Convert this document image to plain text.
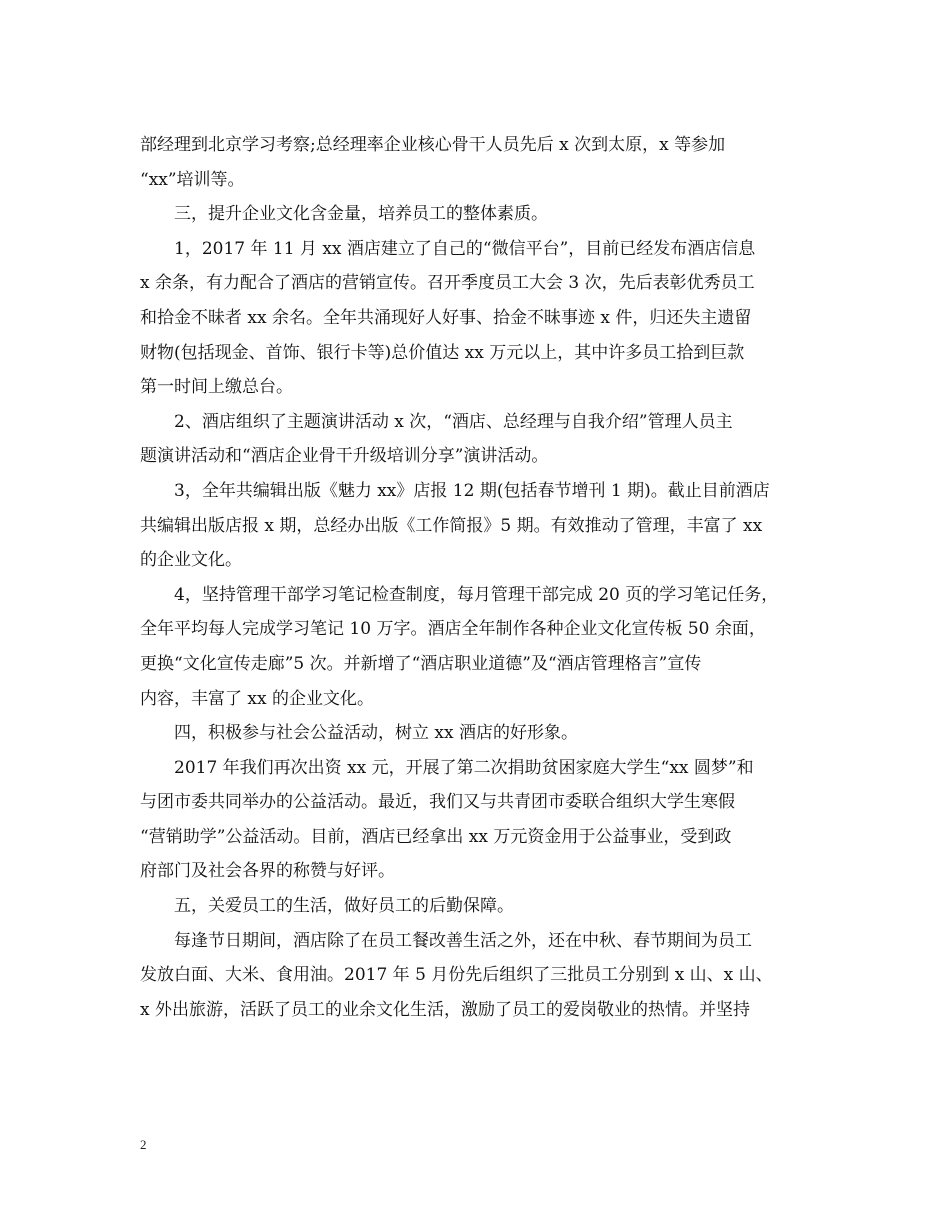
部经理到北京学习考察;总经理率企业核心骨干人员先后 x 次到太原，x 等参加
“xx”培训等。
三，提升企业文化含金量，培养员工的整体素质。
1，2017 年 11 月 xx 酒店建立了自己的“微信平台”，目前已经发布酒店信息
x 余条，有力配合了酒店的营销宣传。召开季度员工大会 3 次，先后表彰优秀员工
和拾金不昧者 xx 余名。全年共涌现好人好事、拾金不昧事迹 x 件，归还失主遗留
财物(包括现金、首饰、银行卡等)总价值达 xx 万元以上，其中许多员工拾到巨款
第一时间上缴总台。
2、酒店组织了主题演讲活动 x 次，“酒店、总经理与自我介绍”管理人员主
题演讲活动和“酒店企业骨干升级培训分享”演讲活动。
3，全年共编辑出版《魅力 xx》店报 12 期(包括春节增刊 1 期)。截止目前酒店
共编辑出版店报 x 期，总经办出版《工作简报》5 期。有效推动了管理，丰富了 xx
的企业文化。
4，坚持管理干部学习笔记检查制度，每月管理干部完成 20 页的学习笔记任务，
全年平均每人完成学习笔记 10 万字。酒店全年制作各种企业文化宣传板 50 余面，
更换“文化宣传走廊”5 次。并新增了“酒店职业道德”及“酒店管理格言”宣传
内容，丰富了 xx 的企业文化。
四，积极参与社会公益活动，树立 xx 酒店的好形象。
2017 年我们再次出资 xx 元，开展了第二次捐助贫困家庭大学生“xx 圆梦”和
与团市委共同举办的公益活动。最近，我们又与共青团市委联合组织大学生寒假
“营销助学”公益活动。目前，酒店已经拿出 xx 万元资金用于公益事业，受到政
府部门及社会各界的称赞与好评。
五，关爱员工的生活，做好员工的后勤保障。
每逢节日期间，酒店除了在员工餐改善生活之外，还在中秋、春节期间为员工
发放白面、大米、食用油。2017 年 5 月份先后组织了三批员工分别到 x 山、x 山、
x 外出旅游，活跃了员工的业余文化生活，激励了员工的爱岗敬业的热情。并坚持
2
